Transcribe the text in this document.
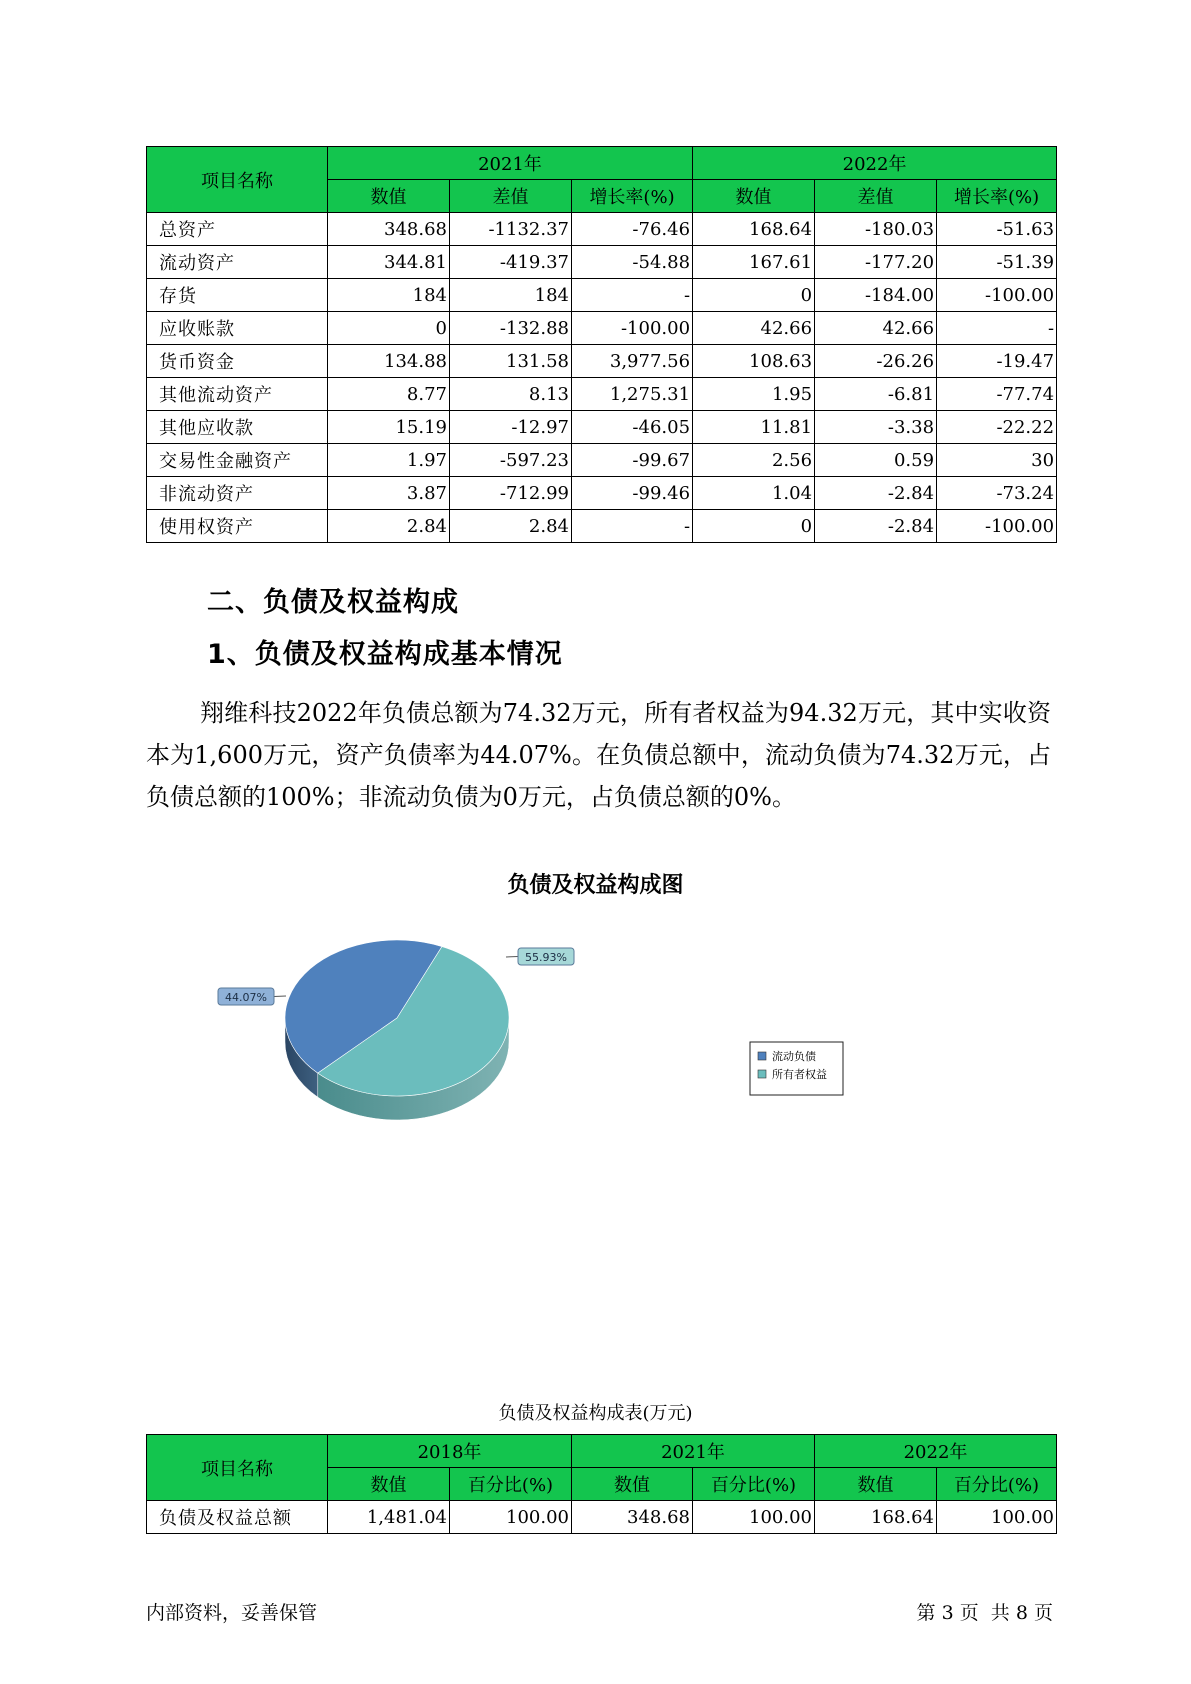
项目名称	2021年			2022年		
	数值	差值	增长率(%)	数值	差值	增长率(%)
总资产	348.68	-1132.37	-76.46	168.64	-180.03	-51.63
流动资产	344.81	-419.37	-54.88	167.61	-177.20	-51.39
存货	184	184	-	0	-184.00	-100.00
应收账款	0	-132.88	-100.00	42.66	42.66	-
货币资金	134.88	131.58	3,977.56	108.63	-26.26	-19.47
其他流动资产	8.77	8.13	1,275.31	1.95	-6.81	-77.74
其他应收款	15.19	-12.97	-46.05	11.81	-3.38	-22.22
交易性金融资产	1.97	-597.23	-99.67	2.56	0.59	30
非流动资产	3.87	-712.99	-99.46	1.04	-2.84	-73.24
使用权资产	2.84	2.84	-	0	-2.84	-100.00
二、负债及权益构成
1、负债及权益构成基本情况
翔维科技2022年负债总额为74.32万元，所有者权益为94.32万元，其中实收资本为1,600万元，资产负债率为44.07%。在负债总额中，流动负债为74.32万元，占负债总额的100%；非流动负债为0万元，占负债总额的0%。
负债及权益构成图
44.07%
55.93%
流动负债
所有者权益
负债及权益构成表(万元)
项目名称	2018年		2021年		2022年	
	数值	百分比(%)	数值	百分比(%)	数值	百分比(%)
负债及权益总额	1,481.04	100.00	348.68	100.00	168.64	100.00
内部资料，妥善保管	第 3 页  共 8 页
